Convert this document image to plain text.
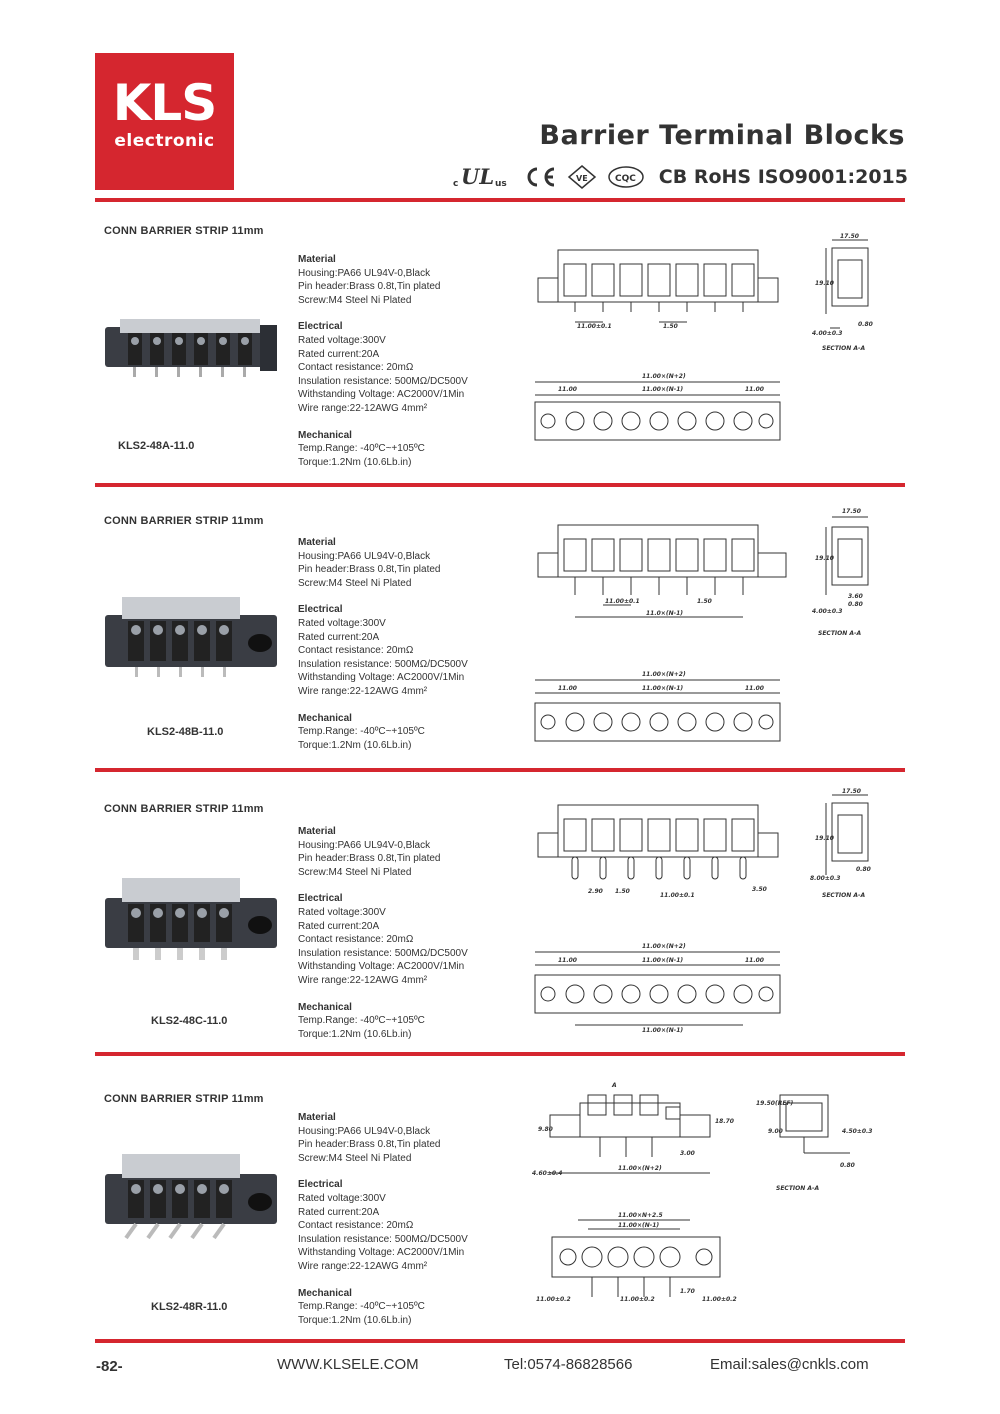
KLS
electronic	Barrier Terminal Blocks
c UL us
VE	CQC CB RoHS ISO9001:2015
CONN BARRIER STRIP 11mm
Material
Housing:PA66 UL94V-0,Black
Pin header:Brass 0.8t,Tin plated
Screw:M4 Steel Ni Plated
Electrical
Rated voltage:300V
Rated current:20A
Contact resistance: 20mΩ
Insulation resistance: 500MΩ/DC500V
Withstanding Voltage: AC2000V/1Min
Wire range:22-12AWG 4mm²
Mechanical
Temp.Range: -40ºC~+105ºC
Torque:1.2Nm (10.6Lb.in)
KLS2-48A-11.0
11.00±0.1	1.50
11.00×(N+2)
11.00	11.00×(N-1)	11.00
17.50
19.10
4.00±0.3
0.80
SECTION A-A
CONN BARRIER STRIP 11mm
Material
Housing:PA66 UL94V-0,Black
Pin header:Brass 0.8t,Tin plated
Screw:M4 Steel Ni Plated
Electrical
Rated voltage:300V
Rated current:20A
Contact resistance: 20mΩ
Insulation resistance: 500MΩ/DC500V
Withstanding Voltage: AC2000V/1Min
Wire range:22-12AWG 4mm²
Mechanical
Temp.Range: -40ºC~+105ºC
Torque:1.2Nm (10.6Lb.in)
KLS2-48B-11.0
11.00±0.1	1.50
11.00×(N+2)
11.00	11.00×(N-1)	11.00
11.0×(N-1)
17.50
19.10
4.00±0.3
3.60
0.80
SECTION A-A
CONN BARRIER STRIP 11mm
Material
Housing:PA66 UL94V-0,Black
Pin header:Brass 0.8t,Tin plated
Screw:M4 Steel Ni Plated
Electrical
Rated voltage:300V
Rated current:20A
Contact resistance: 20mΩ
Insulation resistance: 500MΩ/DC500V
Withstanding Voltage: AC2000V/1Min
Wire range:22-12AWG 4mm²
Mechanical
Temp.Range: -40ºC~+105ºC
Torque:1.2Nm (10.6Lb.in)
KLS2-48C-11.0
2.90 1.50
11.00±0.1
3.50
11.00×(N+2)
11.00	11.00×(N-1)	11.00
11.00×(N-1)
17.50
19.10
8.00±0.3
0.80
SECTION A-A
CONN BARRIER STRIP 11mm
Material
Housing:PA66 UL94V-0,Black
Pin header:Brass 0.8t,Tin plated
Screw:M4 Steel Ni Plated
Electrical
Rated voltage:300V
Rated current:20A
Contact resistance: 20mΩ
Insulation resistance: 500MΩ/DC500V
Withstanding Voltage: AC2000V/1Min
Wire range:22-12AWG 4mm²
Mechanical
Temp.Range: -40ºC~+105ºC
Torque:1.2Nm (10.6Lb.in)
KLS2-48R-11.0
A
9.80
18.70
3.00
11.00×(N+2)
4.60±0.4
11.00×N+2.5
11.00×(N-1)
1.70
11.00±0.2	11.00±0.2	11.00±0.2
19.50(REF)
9.00	4.50±0.3
0.80
SECTION A-A
-82-	WWW.KLSELE.COM	Tel:0574-86828566	Email:sales@cnkls.com
